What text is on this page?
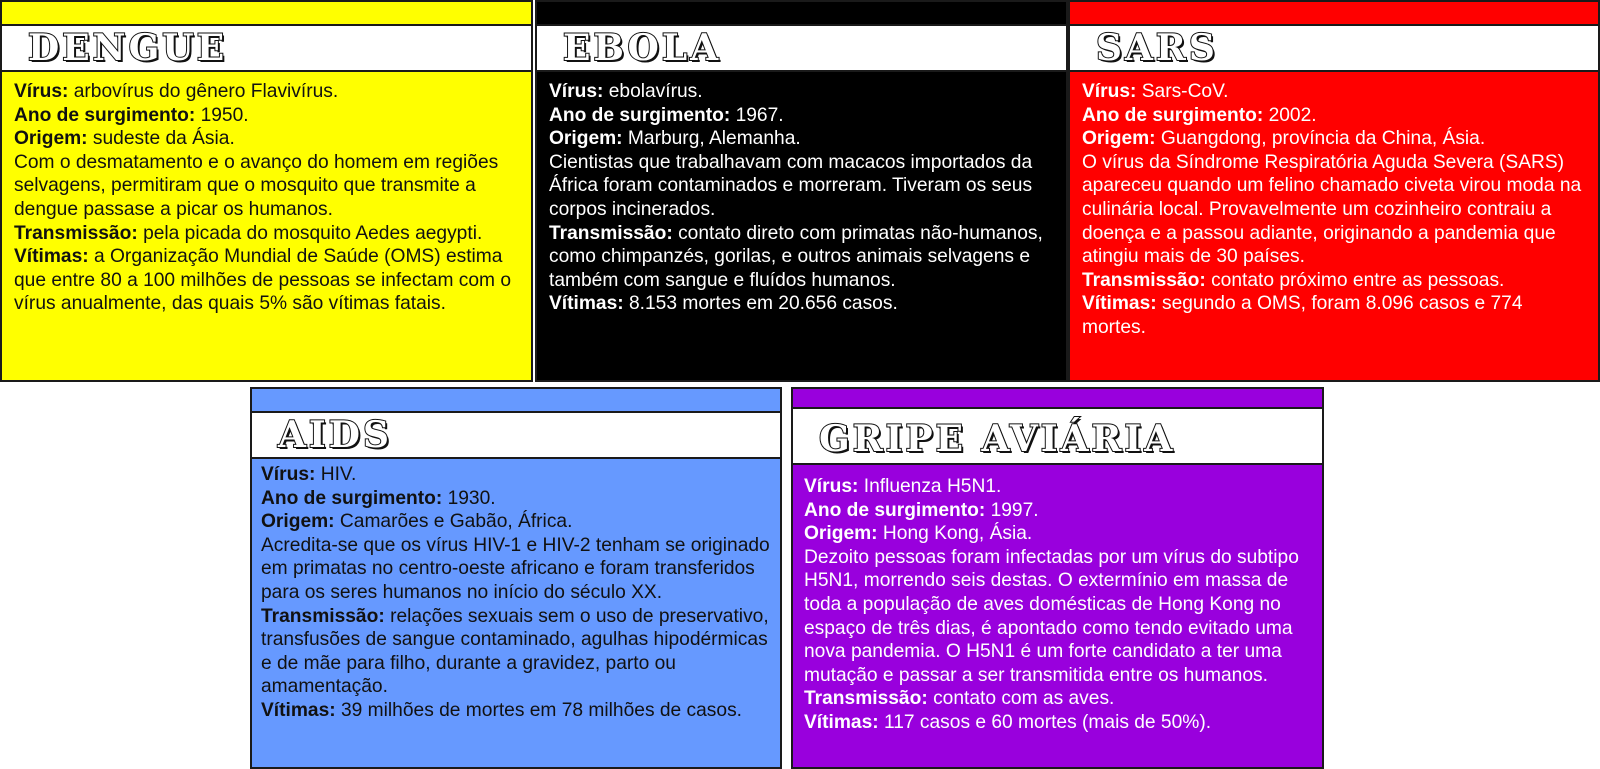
DENGUE

Vírus: arbovírus do gênero Flavivírus.

Ano de surgimento: 1950.

Origem: sudeste da Ásia.

Com o desmatamento e o avanço do homem em regiões selvagens, permitiram que o mosquito que transmite a dengue passase a picar os humanos.

Transmissão: pela picada do mosquito Aedes aegypti.

Vítimas: a Organização Mundial de Saúde (OMS) estima que entre 80 a 100 milhões de pessoas se infectam com o vírus anualmente, das quais 5% são vítimas fatais.

EBOLA

Vírus: ebolavírus.

Ano de surgimento: 1967.

Origem: Marburg, Alemanha.

Cientistas que trabalhavam com macacos importados da África foram contaminados e morreram. Tiveram os seus corpos incinerados.

Transmissão: contato direto com primatas não-humanos, como chimpanzés, gorilas, e outros animais selvagens e também com sangue e fluídos humanos.

Vítimas: 8.153 mortes em 20.656 casos.

SARS

Vírus: Sars-CoV.

Ano de surgimento: 2002.

Origem: Guangdong, província da China, Ásia.

O vírus da Síndrome Respiratória Aguda Severa (SARS) apareceu quando um felino chamado civeta virou moda na culinária local. Provavelmente um cozinheiro contraiu a doença e a passou adiante, originando a pandemia que atingiu mais de 30 países.

Transmissão: contato próximo entre as pessoas.

Vítimas: segundo a OMS, foram 8.096 casos e 774 mortes.

AIDS

Vírus: HIV.

Ano de surgimento: 1930.

Origem: Camarões e Gabão, África.

Acredita-se que os vírus HIV-1 e HIV-2 tenham se originado em primatas no centro-oeste africano e foram transferidos para os seres humanos no início do século XX.

Transmissão: relações sexuais sem o uso de preservativo, transfusões de sangue contaminado, agulhas hipodérmicas e de mãe para filho, durante a gravidez, parto ou amamentação.

Vítimas: 39 milhões de mortes em 78 milhões de casos.

GRIPE AVIÁRIA

Vírus: Influenza H5N1.

Ano de surgimento: 1997.

Origem: Hong Kong, Ásia.

Dezoito pessoas foram infectadas por um vírus do subtipo H5N1, morrendo seis destas. O extermínio em massa de toda a população de aves domésticas de Hong Kong no espaço de três dias, é apontado como tendo evitado uma nova pandemia. O H5N1 é um forte candidato a ter uma mutação e passar a ser transmitida entre os humanos.

Transmissão: contato com as aves.

Vítimas: 117 casos e 60 mortes (mais de 50%).
